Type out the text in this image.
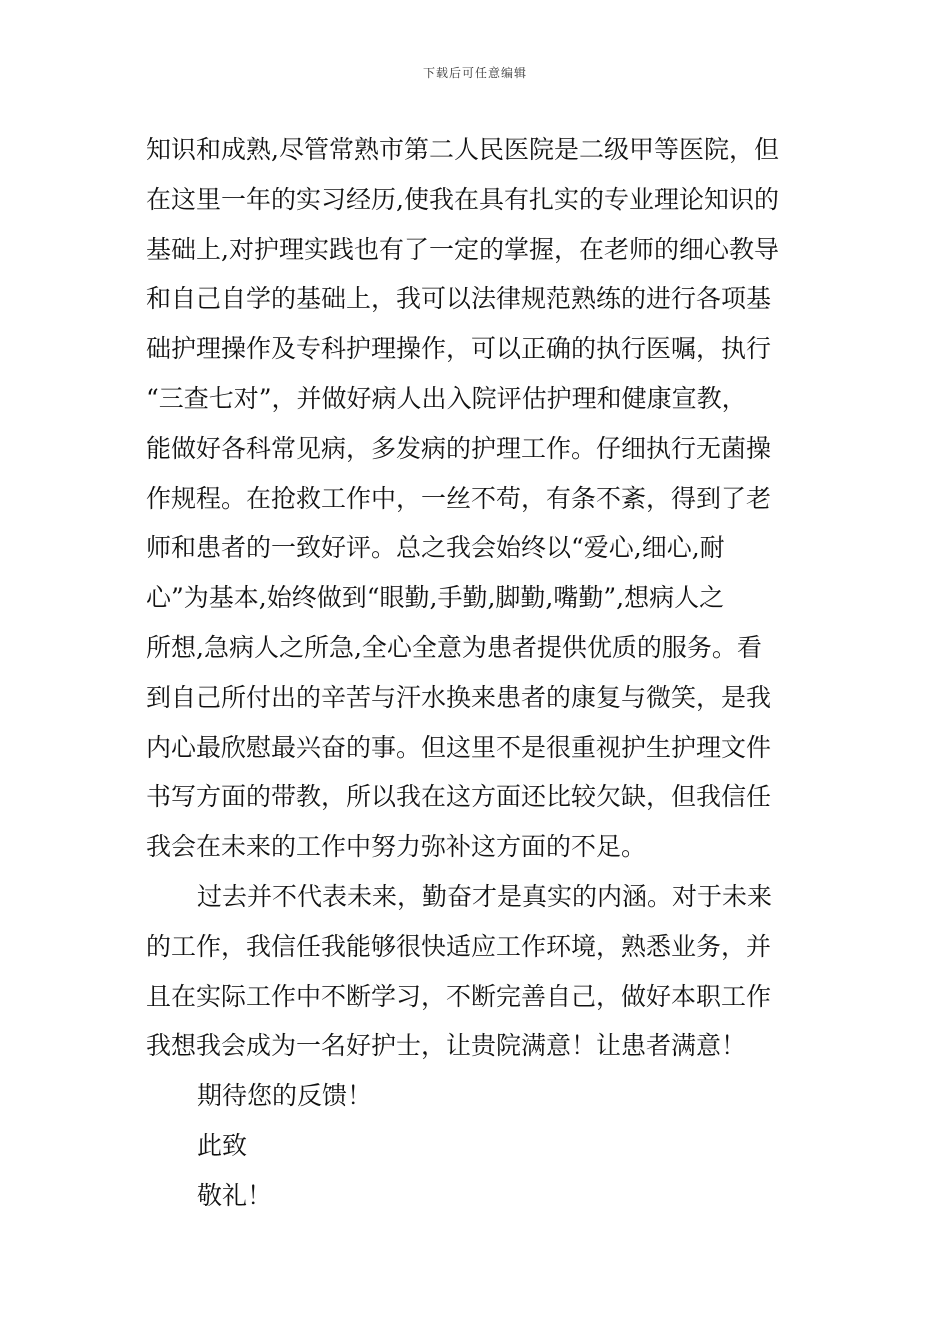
下载后可任意编辑
知识和成熟,尽管常熟市第二人民医院是二级甲等医院，但
在这里一年的实习经历,使我在具有扎实的专业理论知识的
基础上,对护理实践也有了一定的掌握，在老师的细心教导
和自己自学的基础上，我可以法律规范熟练的进行各项基
础护理操作及专科护理操作，可以正确的执行医嘱，执行
“三查七对”，并做好病人出入院评估护理和健康宣教，
能做好各科常见病，多发病的护理工作。仔细执行无菌操
作规程。在抢救工作中，一丝不苟，有条不紊，得到了老
师和患者的一致好评。总之我会始终以“爱心,细心,耐
心”为基本,始终做到“眼勤,手勤,脚勤,嘴勤”,想病人之
所想,急病人之所急,全心全意为患者提供优质的服务。看
到自己所付出的辛苦与汗水换来患者的康复与微笑，是我
内心最欣慰最兴奋的事。但这里不是很重视护生护理文件
书写方面的带教，所以我在这方面还比较欠缺，但我信任
我会在未来的工作中努力弥补这方面的不足。
过去并不代表未来，勤奋才是真实的内涵。对于未来
的工作，我信任我能够很快适应工作环境，熟悉业务，并
且在实际工作中不断学习，不断完善自己，做好本职工作
我想我会成为一名好护士，让贵院满意！让患者满意！
期待您的反馈！
此致
敬礼！
